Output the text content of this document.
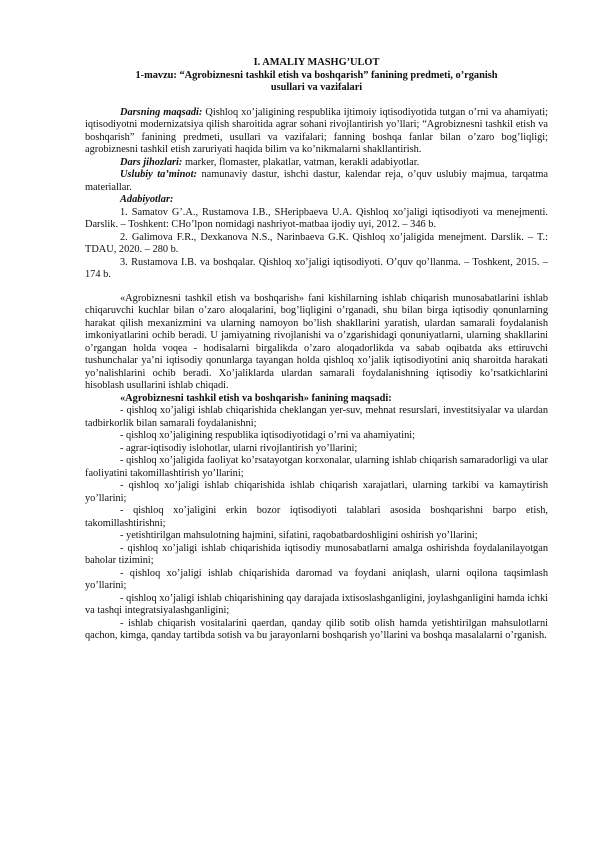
I. AMALIY MASHG’ULOT
1-mavzu: “Agrobiznesni tashkil etish va boshqarish” fanining predmeti, o’rganish
usullari va vazifalari

Darsning maqsadi: Qishloq xo’jaligining respublika ijtimoiy iqtisodiyotida tutgan o’rni va ahamiyati; iqtisodiyotni modernizatsiya qilish sharoitida agrar sohani rivojlantirish yo’llari; “Agrobiznesni tashkil etish va boshqarish” fanining predmeti, usullari va vazifalari; fanning boshqa fanlar bilan o’zaro bog’liqligi; agrobiznesni tashkil etish zaruriyati haqida bilim va ko’nikmalarni shakllantirish.

Dars jihozlari: marker, flomaster, plakatlar, vatman, kerakli adabiyotlar.

Uslubiy ta’minot: namunaviy dastur, ishchi dastur, kalendar reja, o’quv uslubiy majmua, tarqatma materiallar.

Adabiyotlar:

1. Samatov G’.A., Rustamova I.B., SHeripbaeva U.A. Qishloq xo’jaligi iqtisodiyoti va menejmenti. Darslik. – Toshkent: CHo’lpon nomidagi nashriyot-matbaa ijodiy uyi, 2012. – 346 b.

2. Galimova F.R., Dexkanova N.S., Narinbaeva G.K. Qishloq xo’jaligida menejment. Darslik. – T.: TDAU, 2020. – 280 b.

3. Rustamova I.B. va boshqalar. Qishloq xo’jaligi iqtisodiyoti. O’quv qo’llanma. – Toshkent, 2015. – 174 b.

«Agrobiznesni tashkil etish va boshqarish» fani kishilarning ishlab chiqarish munosabatlarini ishlab chiqaruvchi kuchlar bilan o’zaro aloqalarini, bog’liqligini o’rganadi, shu bilan birga iqtisodiy qonunlarning harakat qilish mexanizmini va ularning namoyon bo’lish shakllarini yaratish, ulardan samarali foydalanish imkoniyatlarini ochib beradi. U jamiyatning rivojlanishi va o’zgarishidagi qonuniyatlarni, ularning shakllarini o’rgangan holda voqea - hodisalarni birgalikda o’zaro aloqadorlikda va sabab oqibatda aks ettiruvchi tushunchalar ya’ni iqtisodiy qonunlarga tayangan holda qishloq xo’jalik iqtisodiyotini aniq sharoitda harakati yo’nalishlarini ochib beradi. Xo’jaliklarda ulardan samarali foydalanishning iqtisodiy ko’rsatkichlarini hisoblash usullarini ishlab chiqadi.

«Agrobiznesni tashkil etish va boshqarish» fanining maqsadi:

- qishloq xo’jaligi ishlab chiqarishida cheklangan yer-suv, mehnat resurslari, investitsiyalar va ulardan tadbirkorlik bilan samarali foydalanishni;

- qishloq xo’jaligining respublika iqtisodiyotidagi o’rni va ahamiyatini;

- agrar-iqtisodiy islohotlar, ularni rivojlantirish yo’llarini;

- qishloq xo’jaligida faoliyat ko’rsatayotgan korxonalar, ularning ishlab chiqarish samaradorligi va ular faoliyatini takomillashtirish yo’llarini;

- qishloq xo’jaligi ishlab chiqarishida ishlab chiqarish xarajatlari, ularning tarkibi va kamaytirish yo’llarini;

- qishloq xo’jaligini erkin bozor iqtisodiyoti talablari asosida boshqarishni barpo etish, takomillashtirishni;

- yetishtirilgan mahsulotning hajmini, sifatini, raqobatbardoshligini oshirish yo’llarini;

- qishloq xo’jaligi ishlab chiqarishida iqtisodiy munosabatlarni amalga oshirishda foydalanilayotgan baholar tizimini;

- qishloq xo’jaligi ishlab chiqarishida daromad va foydani aniqlash, ularni oqilona taqsimlash yo’llarini;

- qishloq xo’jaligi ishlab chiqarishining qay darajada ixtisoslashganligini, joylashganligini hamda ichki va tashqi integratsiyalashganligini;

- ishlab chiqarish vositalarini qaerdan, qanday qilib sotib olish hamda yetishtirilgan mahsulotlarni qachon, kimga, qanday tartibda sotish va bu jarayonlarni boshqarish yo’llarini va boshqa masalalarni o’rganish.
